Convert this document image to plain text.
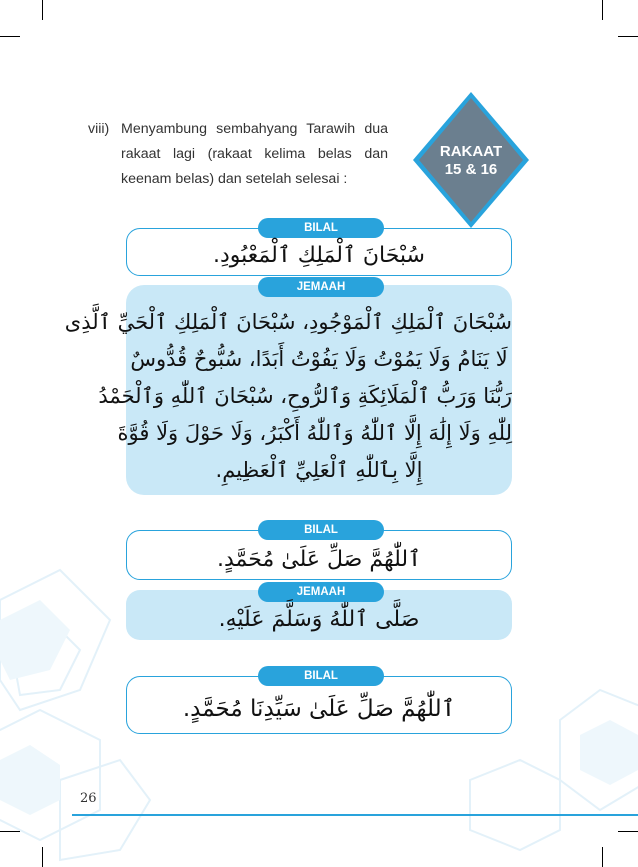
viii) Menyambung sembahyang Tarawih dua rakaat lagi (rakaat kelima belas dan keenam belas) dan setelah selesai :
RAKAAT
15 & 16
BILAL
سُبْحَانَ ٱلْمَلِكِ ٱلْمَعْبُودِ.
JEMAAH
سُبْحَانَ ٱلْمَلِكِ ٱلْمَوْجُودِ، سُبْحَانَ ٱلْمَلِكِ ٱلْحَيِّ ٱلَّذِى
لَا يَنَامُ وَلَا يَمُوْتُ وَلَا يَفُوْتُ أَبَدًا، سُبُّوحٌ قُدُّوسٌ
رَبُّنَا وَرَبُّ ٱلْمَلَائِكَةِ وَٱلرُّوحِ، سُبْحَانَ ٱللّٰهِ وَٱلْحَمْدُ
لِلّٰهِ وَلَا إِلَٰهَ إِلَّا ٱللّٰهُ وَٱللّٰهُ أَكْبَرُ، وَلَا حَوْلَ وَلَا قُوَّةَ
إِلَّا بِٱللّٰهِ ٱلْعَلِيِّ ٱلْعَظِيمِ.
BILAL
ٱللّٰهُمَّ صَلِّ عَلَىٰ مُحَمَّدٍ.
JEMAAH
صَلَّى ٱللّٰهُ وَسَلَّمَ عَلَيْهِ.
BILAL
ٱللّٰهُمَّ صَلِّ عَلَىٰ سَيِّدِنَا مُحَمَّدٍ.
26
